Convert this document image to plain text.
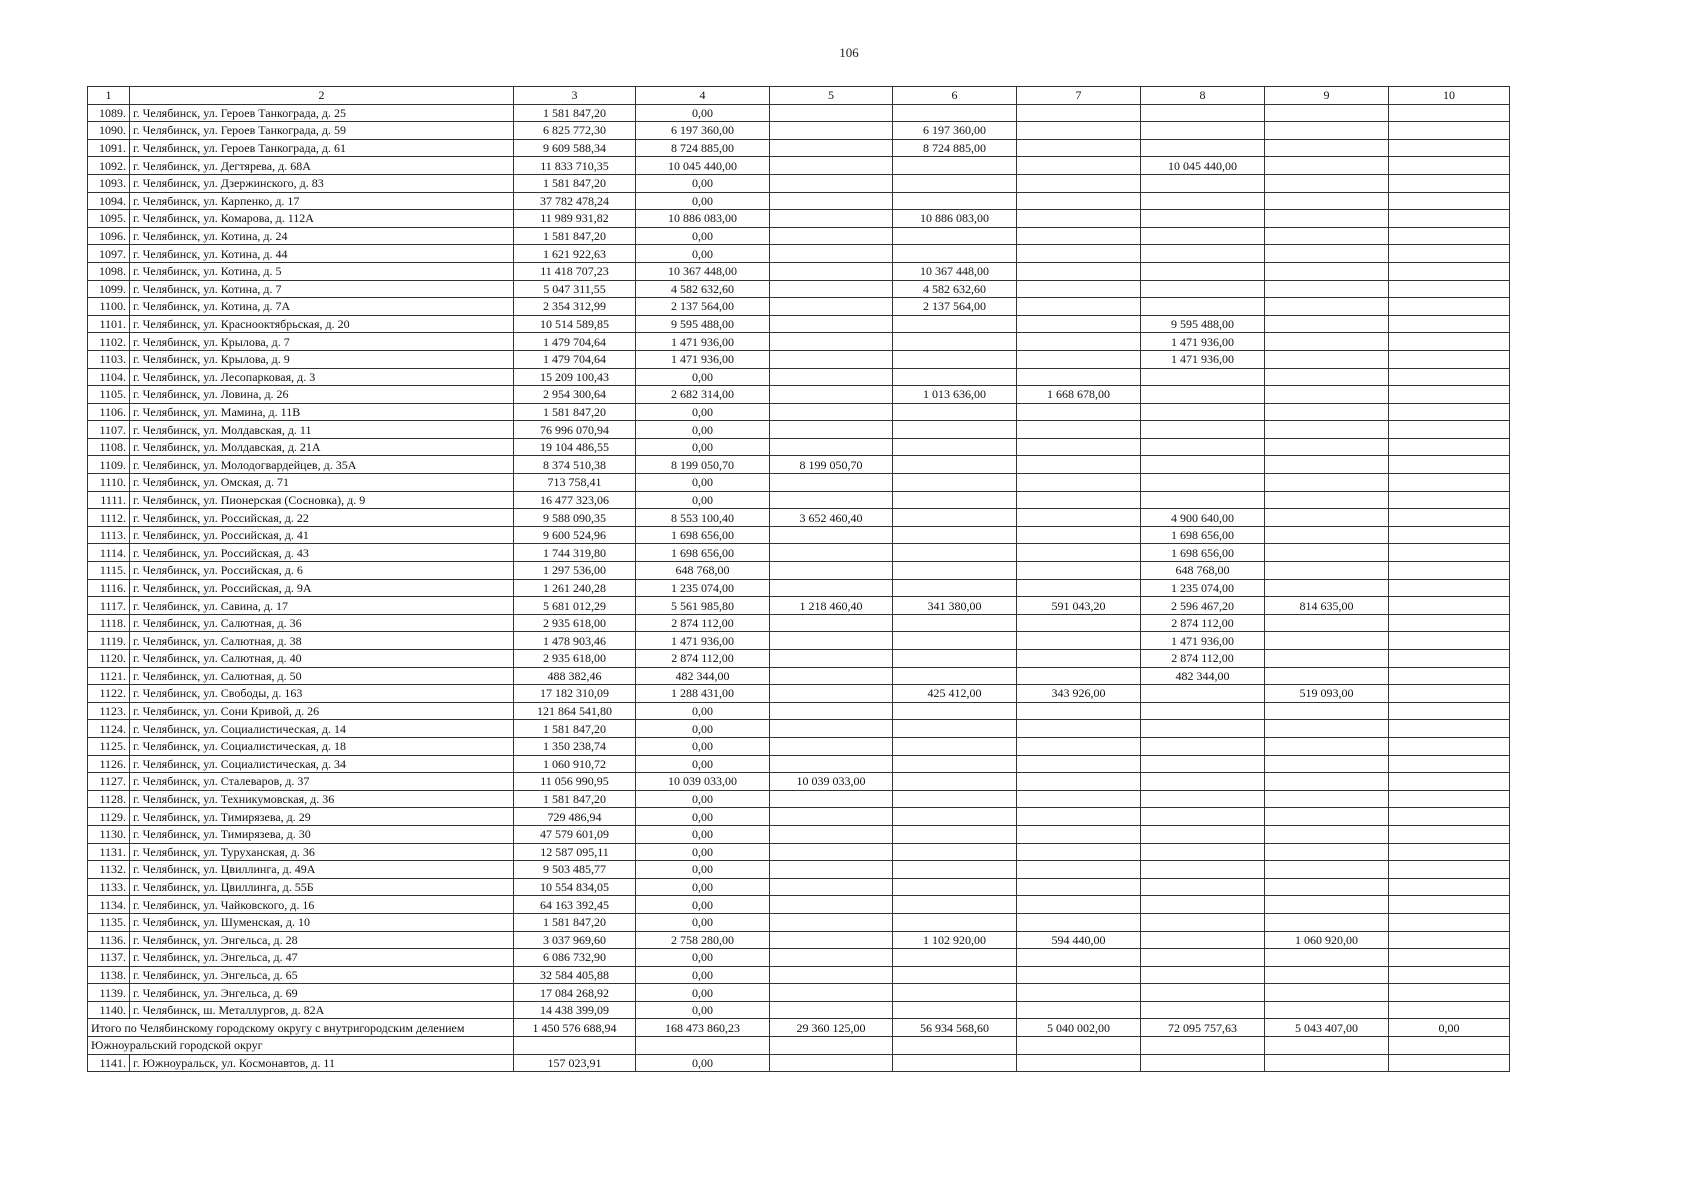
106
1	2	3	4	5	6	7	8	9	10
1089.	г. Челябинск, ул. Героев Танкограда, д. 25	1 581 847,20	0,00						
1090.	г. Челябинск, ул. Героев Танкограда, д. 59	6 825 772,30	6 197 360,00		6 197 360,00				
1091.	г. Челябинск, ул. Героев Танкограда, д. 61	9 609 588,34	8 724 885,00		8 724 885,00				
1092.	г. Челябинск, ул. Дегтярева, д. 68А	11 833 710,35	10 045 440,00				10 045 440,00		
1093.	г. Челябинск, ул. Дзержинского, д. 83	1 581 847,20	0,00						
1094.	г. Челябинск, ул. Карпенко, д. 17	37 782 478,24	0,00						
1095.	г. Челябинск, ул. Комарова, д. 112А	11 989 931,82	10 886 083,00		10 886 083,00				
1096.	г. Челябинск, ул. Котина, д. 24	1 581 847,20	0,00						
1097.	г. Челябинск, ул. Котина, д. 44	1 621 922,63	0,00						
1098.	г. Челябинск, ул. Котина, д. 5	11 418 707,23	10 367 448,00		10 367 448,00				
1099.	г. Челябинск, ул. Котина, д. 7	5 047 311,55	4 582 632,60		4 582 632,60				
1100.	г. Челябинск, ул. Котина, д. 7А	2 354 312,99	2 137 564,00		2 137 564,00				
1101.	г. Челябинск, ул. Краснооктябрьская, д. 20	10 514 589,85	9 595 488,00				9 595 488,00		
1102.	г. Челябинск, ул. Крылова, д. 7	1 479 704,64	1 471 936,00				1 471 936,00		
1103.	г. Челябинск, ул. Крылова, д. 9	1 479 704,64	1 471 936,00				1 471 936,00		
1104.	г. Челябинск, ул. Лесопарковая, д. 3	15 209 100,43	0,00						
1105.	г. Челябинск, ул. Ловина, д. 26	2 954 300,64	2 682 314,00		1 013 636,00	1 668 678,00			
1106.	г. Челябинск, ул. Мамина, д. 11В	1 581 847,20	0,00						
1107.	г. Челябинск, ул. Молдавская, д. 11	76 996 070,94	0,00						
1108.	г. Челябинск, ул. Молдавская, д. 21А	19 104 486,55	0,00						
1109.	г. Челябинск, ул. Молодогвардейцев, д. 35А	8 374 510,38	8 199 050,70	8 199 050,70					
1110.	г. Челябинск, ул. Омская, д. 71	713 758,41	0,00						
1111.	г. Челябинск, ул. Пионерская (Сосновка), д. 9	16 477 323,06	0,00						
1112.	г. Челябинск, ул. Российская, д. 22	9 588 090,35	8 553 100,40	3 652 460,40			4 900 640,00		
1113.	г. Челябинск, ул. Российская, д. 41	9 600 524,96	1 698 656,00				1 698 656,00		
1114.	г. Челябинск, ул. Российская, д. 43	1 744 319,80	1 698 656,00				1 698 656,00		
1115.	г. Челябинск, ул. Российская, д. 6	1 297 536,00	648 768,00				648 768,00		
1116.	г. Челябинск, ул. Российская, д. 9А	1 261 240,28	1 235 074,00				1 235 074,00		
1117.	г. Челябинск, ул. Савина, д. 17	5 681 012,29	5 561 985,80	1 218 460,40	341 380,00	591 043,20	2 596 467,20	814 635,00	
1118.	г. Челябинск, ул. Салютная, д. 36	2 935 618,00	2 874 112,00				2 874 112,00		
1119.	г. Челябинск, ул. Салютная, д. 38	1 478 903,46	1 471 936,00				1 471 936,00		
1120.	г. Челябинск, ул. Салютная, д. 40	2 935 618,00	2 874 112,00				2 874 112,00		
1121.	г. Челябинск, ул. Салютная, д. 50	488 382,46	482 344,00				482 344,00		
1122.	г. Челябинск, ул. Свободы, д. 163	17 182 310,09	1 288 431,00		425 412,00	343 926,00		519 093,00	
1123.	г. Челябинск, ул. Сони Кривой, д. 26	121 864 541,80	0,00						
1124.	г. Челябинск, ул. Социалистическая, д. 14	1 581 847,20	0,00						
1125.	г. Челябинск, ул. Социалистическая, д. 18	1 350 238,74	0,00						
1126.	г. Челябинск, ул. Социалистическая, д. 34	1 060 910,72	0,00						
1127.	г. Челябинск, ул. Сталеваров, д. 37	11 056 990,95	10 039 033,00	10 039 033,00					
1128.	г. Челябинск, ул. Техникумовская, д. 36	1 581 847,20	0,00						
1129.	г. Челябинск, ул. Тимирязева, д. 29	729 486,94	0,00						
1130.	г. Челябинск, ул. Тимирязева, д. 30	47 579 601,09	0,00						
1131.	г. Челябинск, ул. Туруханская, д. 36	12 587 095,11	0,00						
1132.	г. Челябинск, ул. Цвиллинга, д. 49А	9 503 485,77	0,00						
1133.	г. Челябинск, ул. Цвиллинга, д. 55Б	10 554 834,05	0,00						
1134.	г. Челябинск, ул. Чайковского, д. 16	64 163 392,45	0,00						
1135.	г. Челябинск, ул. Шуменская, д. 10	1 581 847,20	0,00						
1136.	г. Челябинск, ул. Энгельса, д. 28	3 037 969,60	2 758 280,00		1 102 920,00	594 440,00		1 060 920,00	
1137.	г. Челябинск, ул. Энгельса, д. 47	6 086 732,90	0,00						
1138.	г. Челябинск, ул. Энгельса, д. 65	32 584 405,88	0,00						
1139.	г. Челябинск, ул. Энгельса, д. 69	17 084 268,92	0,00						
1140.	г. Челябинск, ш. Металлургов, д. 82А	14 438 399,09	0,00						
Итого по Челябинскому городскому округу с внутригородским делением		1 450 576 688,94	168 473 860,23	29 360 125,00	56 934 568,60	5 040 002,00	72 095 757,63	5 043 407,00	0,00
Южноуральский городской округ									
1141.	г. Южноуральск, ул. Космонавтов, д. 11	157 023,91	0,00						
